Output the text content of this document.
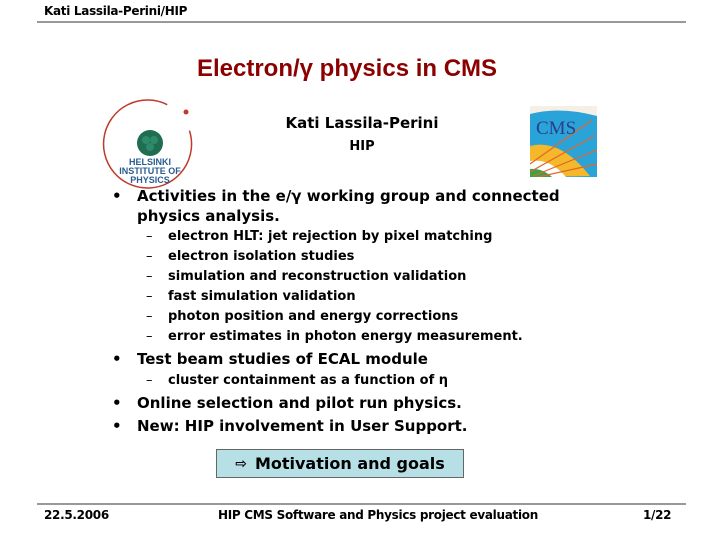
Kati Lassila-Perini/HIP
Electron/γ physics in CMS
HELSINKI
INSTITUTE OF
PHYSICS
Kati Lassila-Perini
HIP
CMS
• Activities in the e/γ working group and connected physics analysis.
– electron HLT: jet rejection by pixel matching
– electron isolation studies
– simulation and reconstruction validation
– fast simulation validation
– photon position and energy corrections
– error estimates in photon energy measurement.
• Test beam studies of ECAL module
– cluster containment as a function of η
• Online selection and pilot run physics.
• New: HIP involvement in User Support.
⇨ Motivation and goals
22.5.2006	HIP CMS Software and Physics project evaluation	1/22
